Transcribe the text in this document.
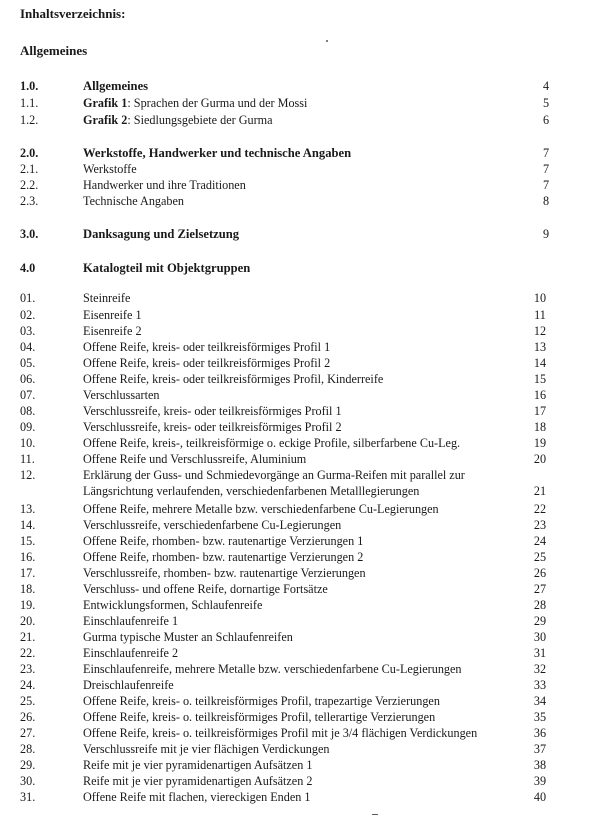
Inhaltsverzeichnis:
Allgemeines
1.0.	Allgemeines	4
1.1.	Grafik 1: Sprachen der Gurma und der Mossi	5
1.2.	Grafik 2: Siedlungsgebiete der Gurma	6
2.0.	Werkstoffe, Handwerker und technische Angaben	7
2.1.	Werkstoffe	7
2.2.	Handwerker und ihre Traditionen	7
2.3.	Technische Angaben	8
3.0.	Danksagung und Zielsetzung	9
4.0	Katalogteil mit Objektgruppen
01.	Steinreife	10
02.	Eisenreife 1	11
03.	Eisenreife 2	12
04.	Offene Reife, kreis- oder teilkreisförmiges Profil 1	13
05.	Offene Reife, kreis- oder teilkreisförmiges Profil 2	14
06.	Offene Reife, kreis- oder teilkreisförmiges Profil, Kinderreife	15
07.	Verschlussarten	16
08.	Verschlussreife, kreis- oder teilkreisförmiges Profil 1	17
09.	Verschlussreife, kreis- oder teilkreisförmiges Profil 2	18
10.	Offene Reife, kreis-, teilkreisförmige o. eckige Profile, silberfarbene Cu-Leg.	19
11.	Offene Reife und Verschlussreife, Aluminium	20
12.	Erklärung der Guss- und Schmiedevorgänge an Gurma-Reifen mit parallel zur
Längsrichtung verlaufenden, verschiedenfarbenen Metalllegierungen	21
13.	Offene Reife, mehrere Metalle bzw. verschiedenfarbene Cu-Legierungen	22
14.	Verschlussreife, verschiedenfarbene Cu-Legierungen	23
15.	Offene Reife, rhomben- bzw. rautenartige Verzierungen 1	24
16.	Offene Reife, rhomben- bzw. rautenartige Verzierungen 2	25
17.	Verschlussreife, rhomben- bzw. rautenartige Verzierungen	26
18.	Verschluss- und offene Reife, dornartige Fortsätze	27
19.	Entwicklungsformen, Schlaufenreife	28
20.	Einschlaufenreife 1	29
21.	Gurma typische Muster an Schlaufenreifen	30
22.	Einschlaufenreife 2	31
23.	Einschlaufenreife, mehrere Metalle bzw. verschiedenfarbene Cu-Legierungen	32
24.	Dreischlaufenreife	33
25.	Offene Reife, kreis- o. teilkreisförmiges Profil, trapezartige Verzierungen	34
26.	Offene Reife, kreis- o. teilkreisförmiges Profil, tellerartige Verzierungen	35
27.	Offene Reife, kreis- o. teilkreisförmiges Profil mit je 3/4 flächigen Verdickungen	36
28.	Verschlussreife mit je vier flächigen Verdickungen	37
29.	Reife mit je vier pyramidenartigen Aufsätzen 1	38
30.	Reife mit je vier pyramidenartigen Aufsätzen 2	39
31.	Offene Reife mit flachen, viereckigen Enden 1	40
